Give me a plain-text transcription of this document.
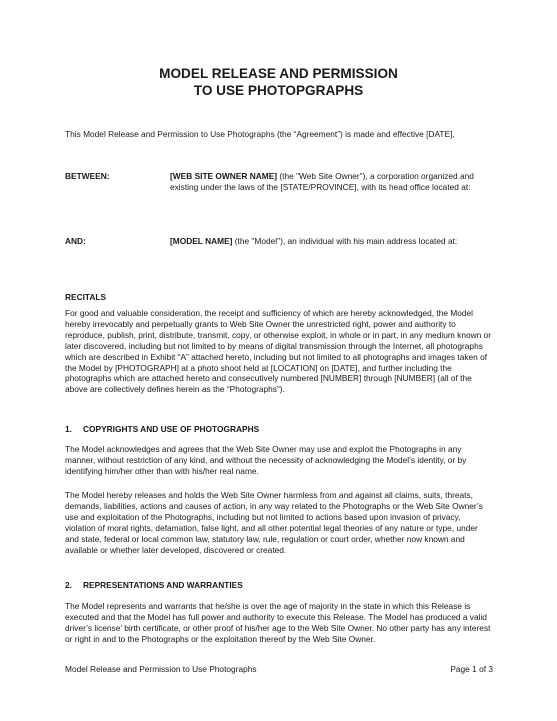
MODEL RELEASE AND PERMISSION
TO USE PHOTOPGRAPHS
This Model Release and Permission to Use Photographs (the “Agreement”) is made and effective [DATE],
BETWEEN:	[WEB SITE OWNER NAME] (the "Web Site Owner"), a corporation organized and existing under the laws of the [STATE/PROVINCE], with its head office located at:
AND:	[MODEL NAME] (the "Model"), an individual with his main address located at:
RECITALS
For good and valuable consideration, the receipt and sufficiency of which are hereby acknowledged, the Model hereby irrevocably and perpetually grants to Web Site Owner the unrestricted right, power and authority to reproduce, publish, print, distribute, transmit, copy, or otherwise exploit, in whole or in part, in any medium known or later discovered, including but not limited to by means of digital transmission through the Internet, all photographs which are described in Exhibit “A” attached hereto, including but not limited to all photographs and images taken of the Model by [PHOTOGRAPH] at a photo shoot held at [LOCATION] on [DATE], and further including the photographs which are attached hereto and consecutively numbered [NUMBER] through [NUMBER] (all of the above are collectively defines herein as the “Photographs”).
1. COPYRIGHTS AND USE OF PHOTOGRAPHS
The Model acknowledges and agrees that the Web Site Owner may use and exploit the Photographs in any manner, without restriction of any kind, and without the necessity of acknowledging the Model’s identity, or by identifying him/her other than with his/her real name.
The Model hereby releases and holds the Web Site Owner harmless from and against all claims, suits, threats, demands, liabilities, actions and causes of action, in any way related to the Photographs or the Web Site Owner’s use and exploitation of the Photographs, including but not limited to actions based upon invasion of privacy, violation of moral rights, defamation, false light, and all other potential legal theories of any nature or type, under and state, federal or local common law, statutory law, rule, regulation or court order, whether now known and available or whether later developed, discovered or created.
2. REPRESENTATIONS AND WARRANTIES
The Model represents and warrants that he/she is over the age of majority in the state in which this Release is executed and that the Model has full power and authority to execute this Release. The Model has produced a valid driver’s license’ birth certificate, or other proof of his/her age to the Web Site Owner. No other party has any interest or right in and to the Photographs or the exploitation thereof by the Web Site Owner.
Model Release and Permission to Use Photographs	Page 1 of 3
